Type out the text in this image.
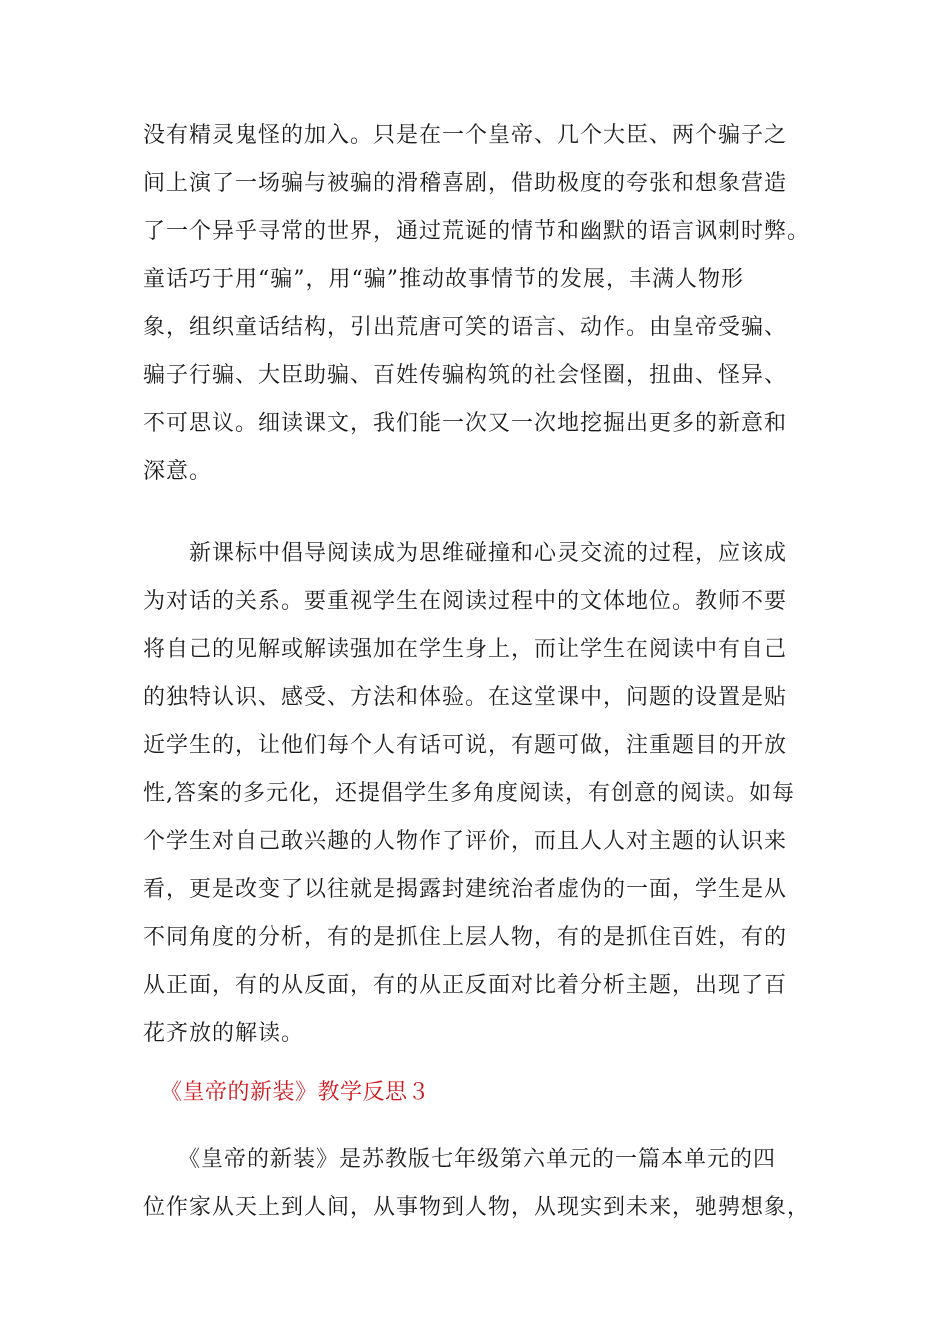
没有精灵鬼怪的加入。只是在一个皇帝、几个大臣、两个骗子之
间上演了一场骗与被骗的滑稽喜剧，借助极度的夸张和想象营造
了一个异乎寻常的世界，通过荒诞的情节和幽默的语言讽刺时弊。
童话巧于用“骗”，用“骗”推动故事情节的发展，丰满人物形
象，组织童话结构，引出荒唐可笑的语言、动作。由皇帝受骗、
骗子行骗、大臣助骗、百姓传骗构筑的社会怪圈，扭曲、怪异、
不可思议。细读课文，我们能一次又一次地挖掘出更多的新意和
深意。
　　新课标中倡导阅读成为思维碰撞和心灵交流的过程，应该成
为对话的关系。要重视学生在阅读过程中的文体地位。教师不要
将自己的见解或解读强加在学生身上，而让学生在阅读中有自己
的独特认识、感受、方法和体验。在这堂课中，问题的设置是贴
近学生的，让他们每个人有话可说，有题可做，注重题目的开放
性,答案的多元化，还提倡学生多角度阅读，有创意的阅读。如每
个学生对自己敢兴趣的人物作了评价，而且人人对主题的认识来
看，更是改变了以往就是揭露封建统治者虚伪的一面，学生是从
不同角度的分析，有的是抓住上层人物，有的是抓住百姓，有的
从正面，有的从反面，有的从正反面对比着分析主题，出现了百
花齐放的解读。
《皇帝的新装》教学反思３
　　《皇帝的新装》是苏教版七年级第六单元的一篇本单元的四
位作家从天上到人间，从事物到人物，从现实到未来，驰骋想象，
